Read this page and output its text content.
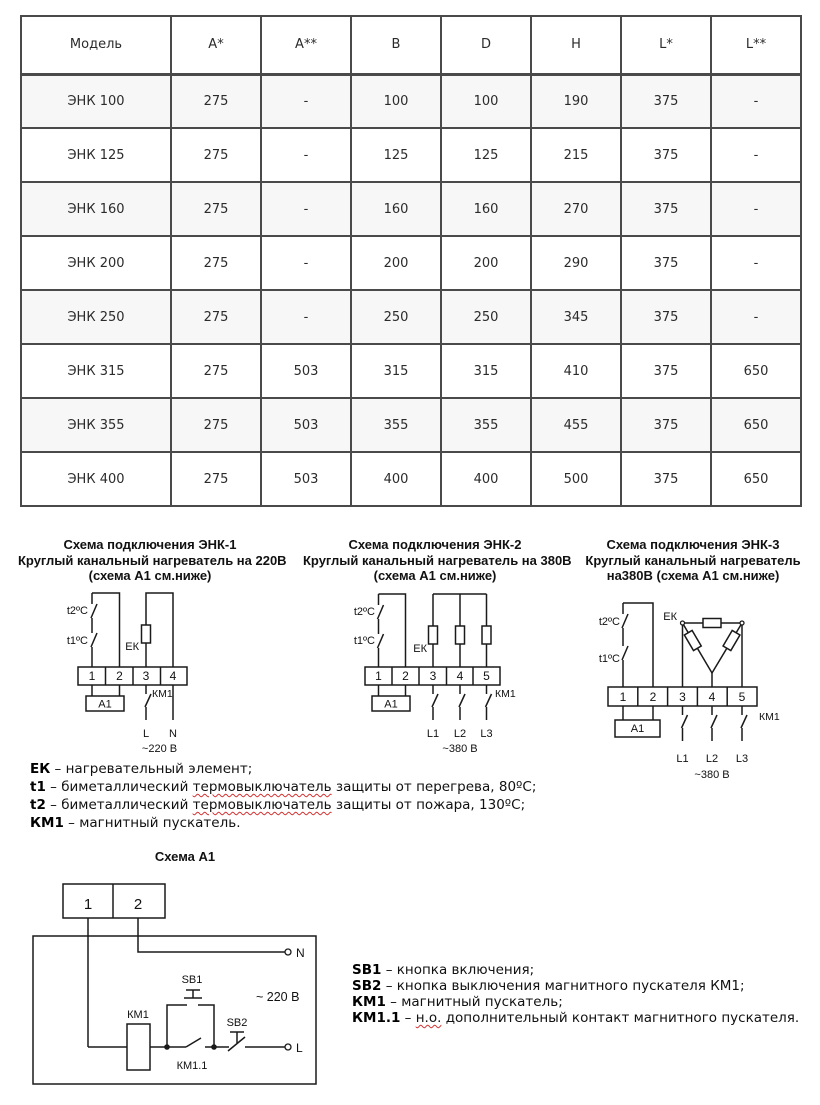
Модель	A*	A**	B	D	H	L*	L**
ЭНК 100	275	-	100	100	190	375	-
ЭНК 125	275	-	125	125	215	375	-
ЭНК 160	275	-	160	160	270	375	-
ЭНК 200	275	-	200	200	290	375	-
ЭНК 250	275	-	250	250	345	375	-
ЭНК 315	275	503	315	315	410	375	650
ЭНК 355	275	503	355	355	455	375	650
ЭНК 400	275	503	400	400	500	375	650
Схема подключения ЭНК-1
Круглый канальный нагреватель на 220В
(схема А1 см.ниже)
Схема подключения ЭНК-2
Круглый канальный нагреватель на 380В
(схема А1 см.ниже)
Схема подключения ЭНК-3
Круглый канальный нагреватель
на380В (схема А1 см.ниже)
t2ºC
t1ºC	ЕК
1 2 3 4
А1
КМ1
L N
~220 В
t2ºC
t1ºC
ЕК
1 2 3 4 5
А1
КМ1
L1 L2 L3
~380 В
t2ºC
t1ºC
ЕК
1 2 3 4 5
А1
КМ1
L1 L2 L3
~380 В
ЕК – нагревательный элемент;
t1 – биметаллический термовыключатель защиты от перегрева, 80ºС;
t2 – биметаллический термовыключатель защиты от пожара, 130ºС;
КМ1 – магнитный пускатель.
Схема А1
1	2
N
L
КМ1
SB1
SB2
КМ1.1
~ 220 В
SB1 – кнопка включения;
SB2 – кнопка выключения магнитного пускателя КМ1;
КМ1 – магнитный пускатель;
КМ1.1 – н.о. дополнительный контакт магнитного пускателя.
